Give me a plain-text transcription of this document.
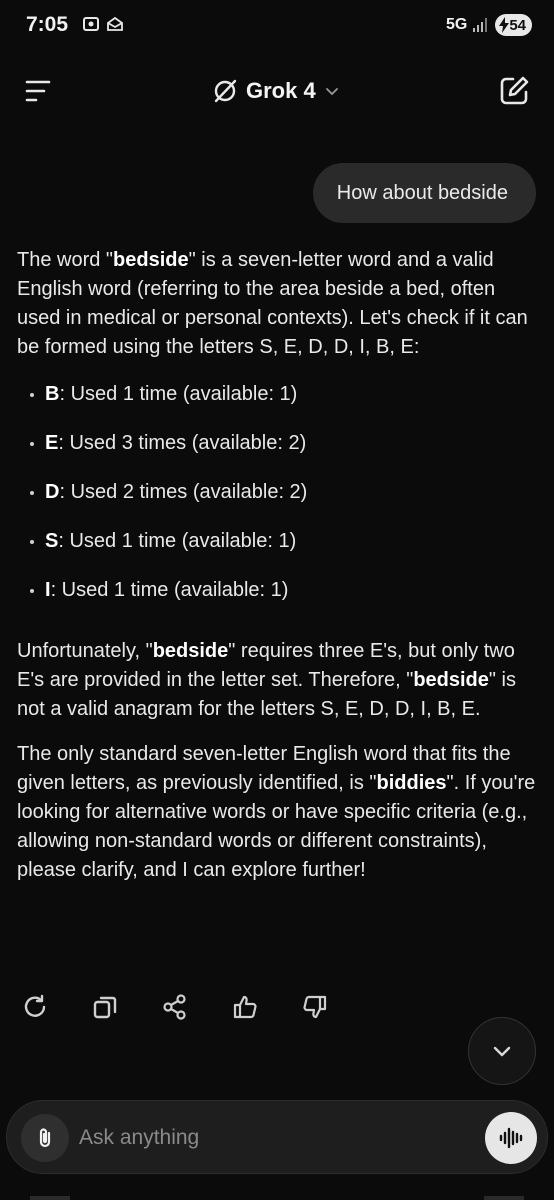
7:05	5G	54
Grok 4
How about bedside

The word "bedside" is a seven-letter word and a valid English word (referring to the area beside a bed, often used in medical or personal contexts). Let's check if it can be formed using the letters S, E, D, D, I, B, E:

B: Used 1 time (available: 1)
E: Used 3 times (available: 2)
D: Used 2 times (available: 2)
S: Used 1 time (available: 1)
I: Used 1 time (available: 1)

Unfortunately, "bedside" requires three E's, but only two E's are provided in the letter set. Therefore, "bedside" is not a valid anagram for the letters S, E, D, D, I, B, E.

The only standard seven-letter English word that fits the given letters, as previously identified, is "biddies". If you're looking for alternative words or have specific criteria (e.g., allowing non-standard words or different constraints), please clarify, and I can explore further!

Ask anything
